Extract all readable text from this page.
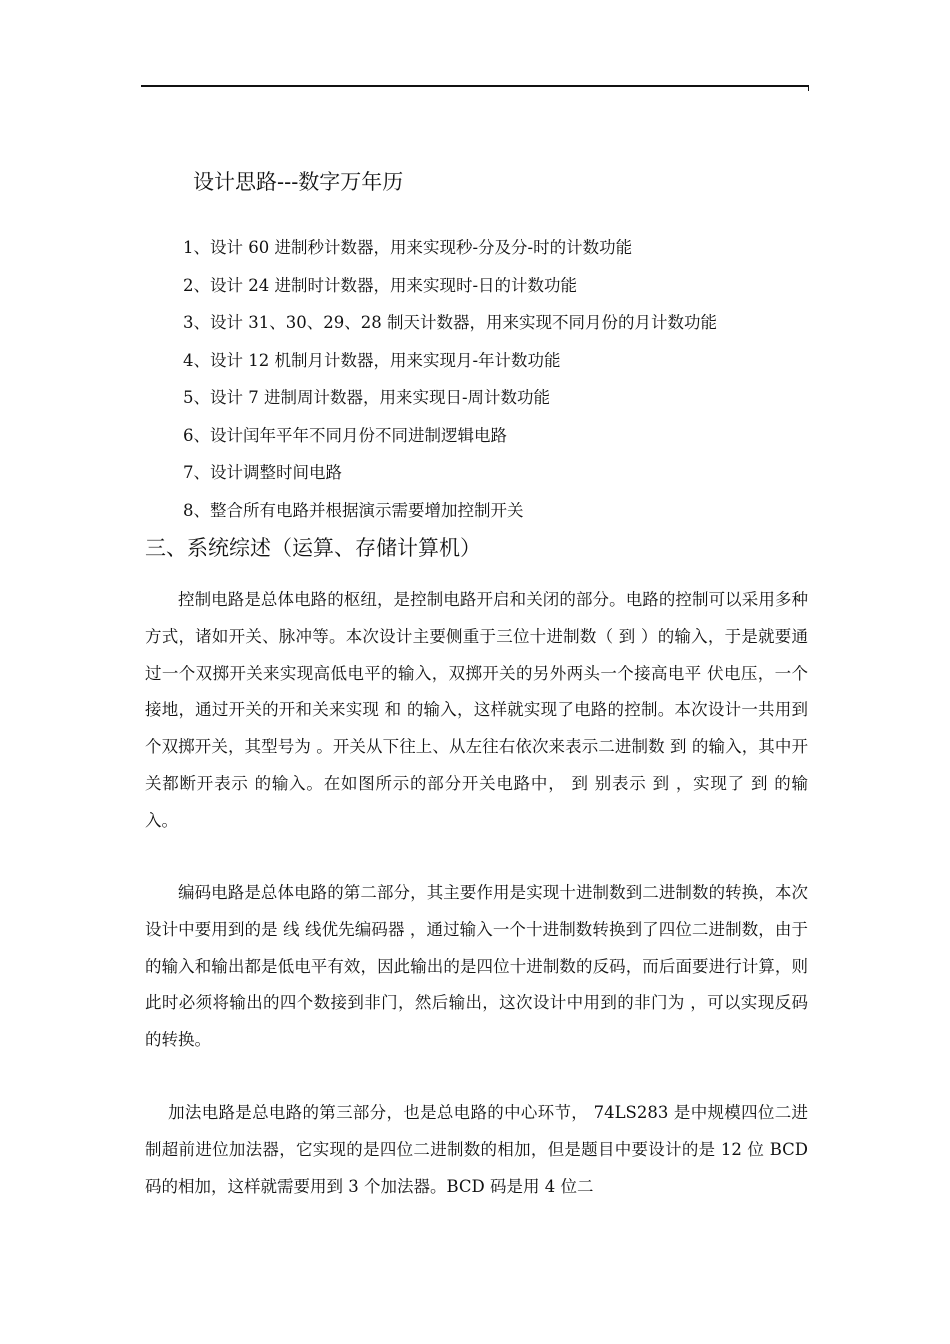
设计思路---数字万年历
1、设计 60 进制秒计数器，用来实现秒-分及分-时的计数功能
2、设计 24 进制时计数器，用来实现时-日的计数功能
3、设计 31、30、29、28 制天计数器，用来实现不同月份的月计数功能
4、设计 12 机制月计数器，用来实现月-年计数功能
5、设计 7 进制周计数器，用来实现日-周计数功能
6、设计闰年平年不同月份不同进制逻辑电路
7、设计调整时间电路
8、整合所有电路并根据演示需要增加控制开关
三、系统综述（运算、存储计算机）

控制电路是总体电路的枢纽，是控制电路开启和关闭的部分。电路的控制可以采用多种方式，诸如开关、脉冲等。本次设计主要侧重于三位十进制数（ 到 ）的输入，于是就要通过一个双掷开关来实现高低电平的输入，双掷开关的另外两头一个接高电平 伏电压，一个接地，通过开关的开和关来实现 和 的输入，这样就实现了电路的控制。本次设计一共用到 个双掷开关，其型号为 。开关从下往上、从左往右依次来表示二进制数 到 的输入，其中开关都断开表示 的输入。在如图所示的部分开关电路中， 到 别表示 到 ，实现了 到 的输入。

编码电路是总体电路的第二部分，其主要作用是实现十进制数到二进制数的转换，本次设计中要用到的是 线 线优先编码器 ，通过输入一个十进制数转换到了四位二进制数，由于 的输入和输出都是低电平有效，因此输出的是四位十进制数的反码，而后面要进行计算，则此时必须将输出的四个数接到非门，然后输出，这次设计中用到的非门为 ，可以实现反码的转换。

加法电路是总电路的第三部分，也是总电路的中心环节， 74LS283 是中规模四位二进制超前进位加法器，它实现的是四位二进制数的相加，但是题目中要设计的是 12 位 BCD 码的相加，这样就需要用到 3 个加法器。BCD 码是用 4 位二
